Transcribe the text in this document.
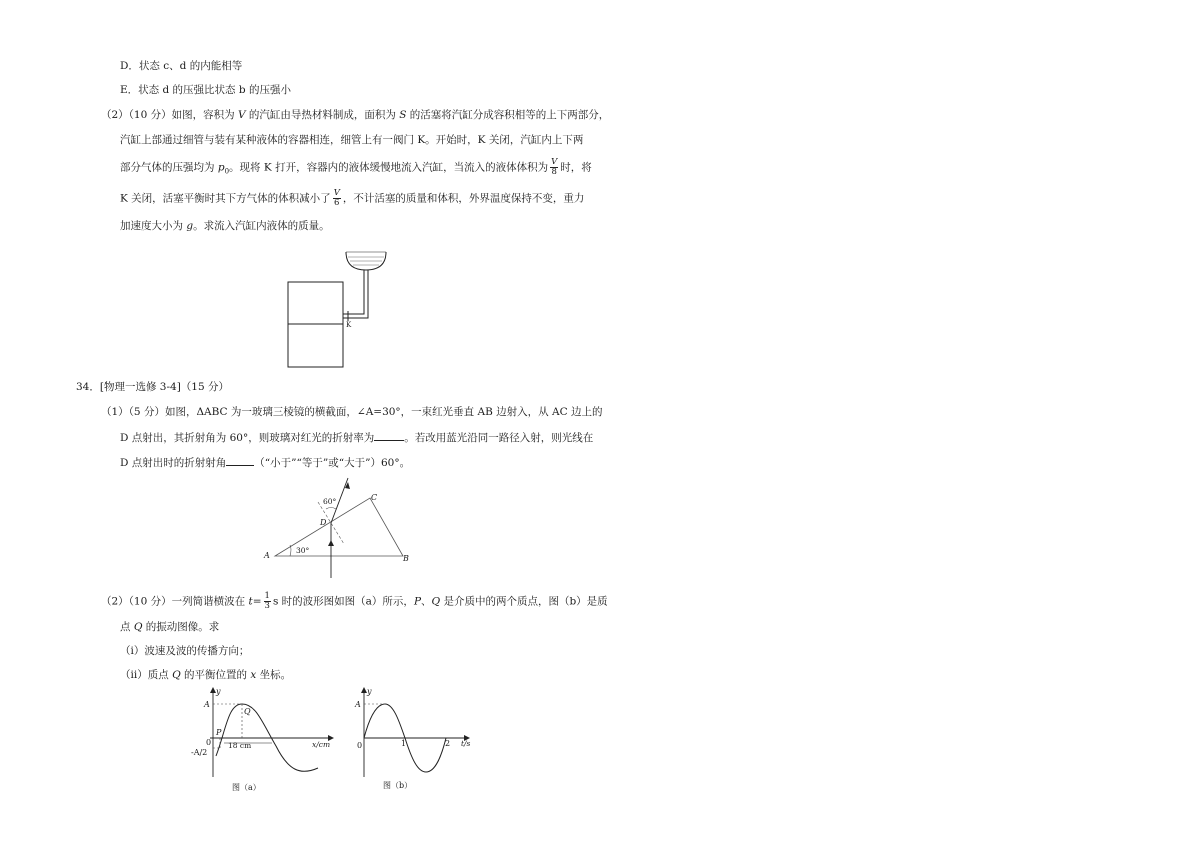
D．状态 c、d 的内能相等
E．状态 d 的压强比状态 b 的压强小
（2）（10 分）如图，容积为 V 的汽缸由导热材料制成，面积为 S 的活塞将汽缸分成容积相等的上下两部分，
汽缸上部通过细管与装有某种液体的容器相连，细管上有一阀门 K。开始时，K 关闭，汽缸内上下两
部分气体的压强均为 $p_0$。现将 K 打开，容器内的液体缓慢地流入汽缸，当流入的液体体积为 $\frac{V}{8}$ 时，将
K 关闭，活塞平衡时其下方气体的体积减小了 $\frac{V}{6}$ ，不计活塞的质量和体积，外界温度保持不变，重力
加速度大小为 g。求流入汽缸内液体的质量。
K
34．[物理一选修 3-4]（15 分）
（1）（5 分）如图，ΔABC 为一玻璃三棱镜的横截面，∠A=30°，一束红光垂直 AB 边射入，从 AC 边上的
D 点射出，其折射角为 60°，则玻璃对红光的折射率为	。若改用蓝光沿同一路径入射，则光线在
D 点射出时的折射射角	（“小于”“等于”或“大于”）60°。
60°
30°
A	B
C
D
（2）（10 分）一列简谐横波在 $t= \frac{1}{3}$ s 时的波形图如图（a）所示，P、Q 是介质中的两个质点，图（b）是质
点 Q 的振动图像。求
（i）波速及波的传播方向；
（ii）质点 Q 的平衡位置的 x 坐标。
18 cm
y
A
Q
P
0
-A/2
x/cm
图（a）
y
A
0	1	2 t/s
图（b）
